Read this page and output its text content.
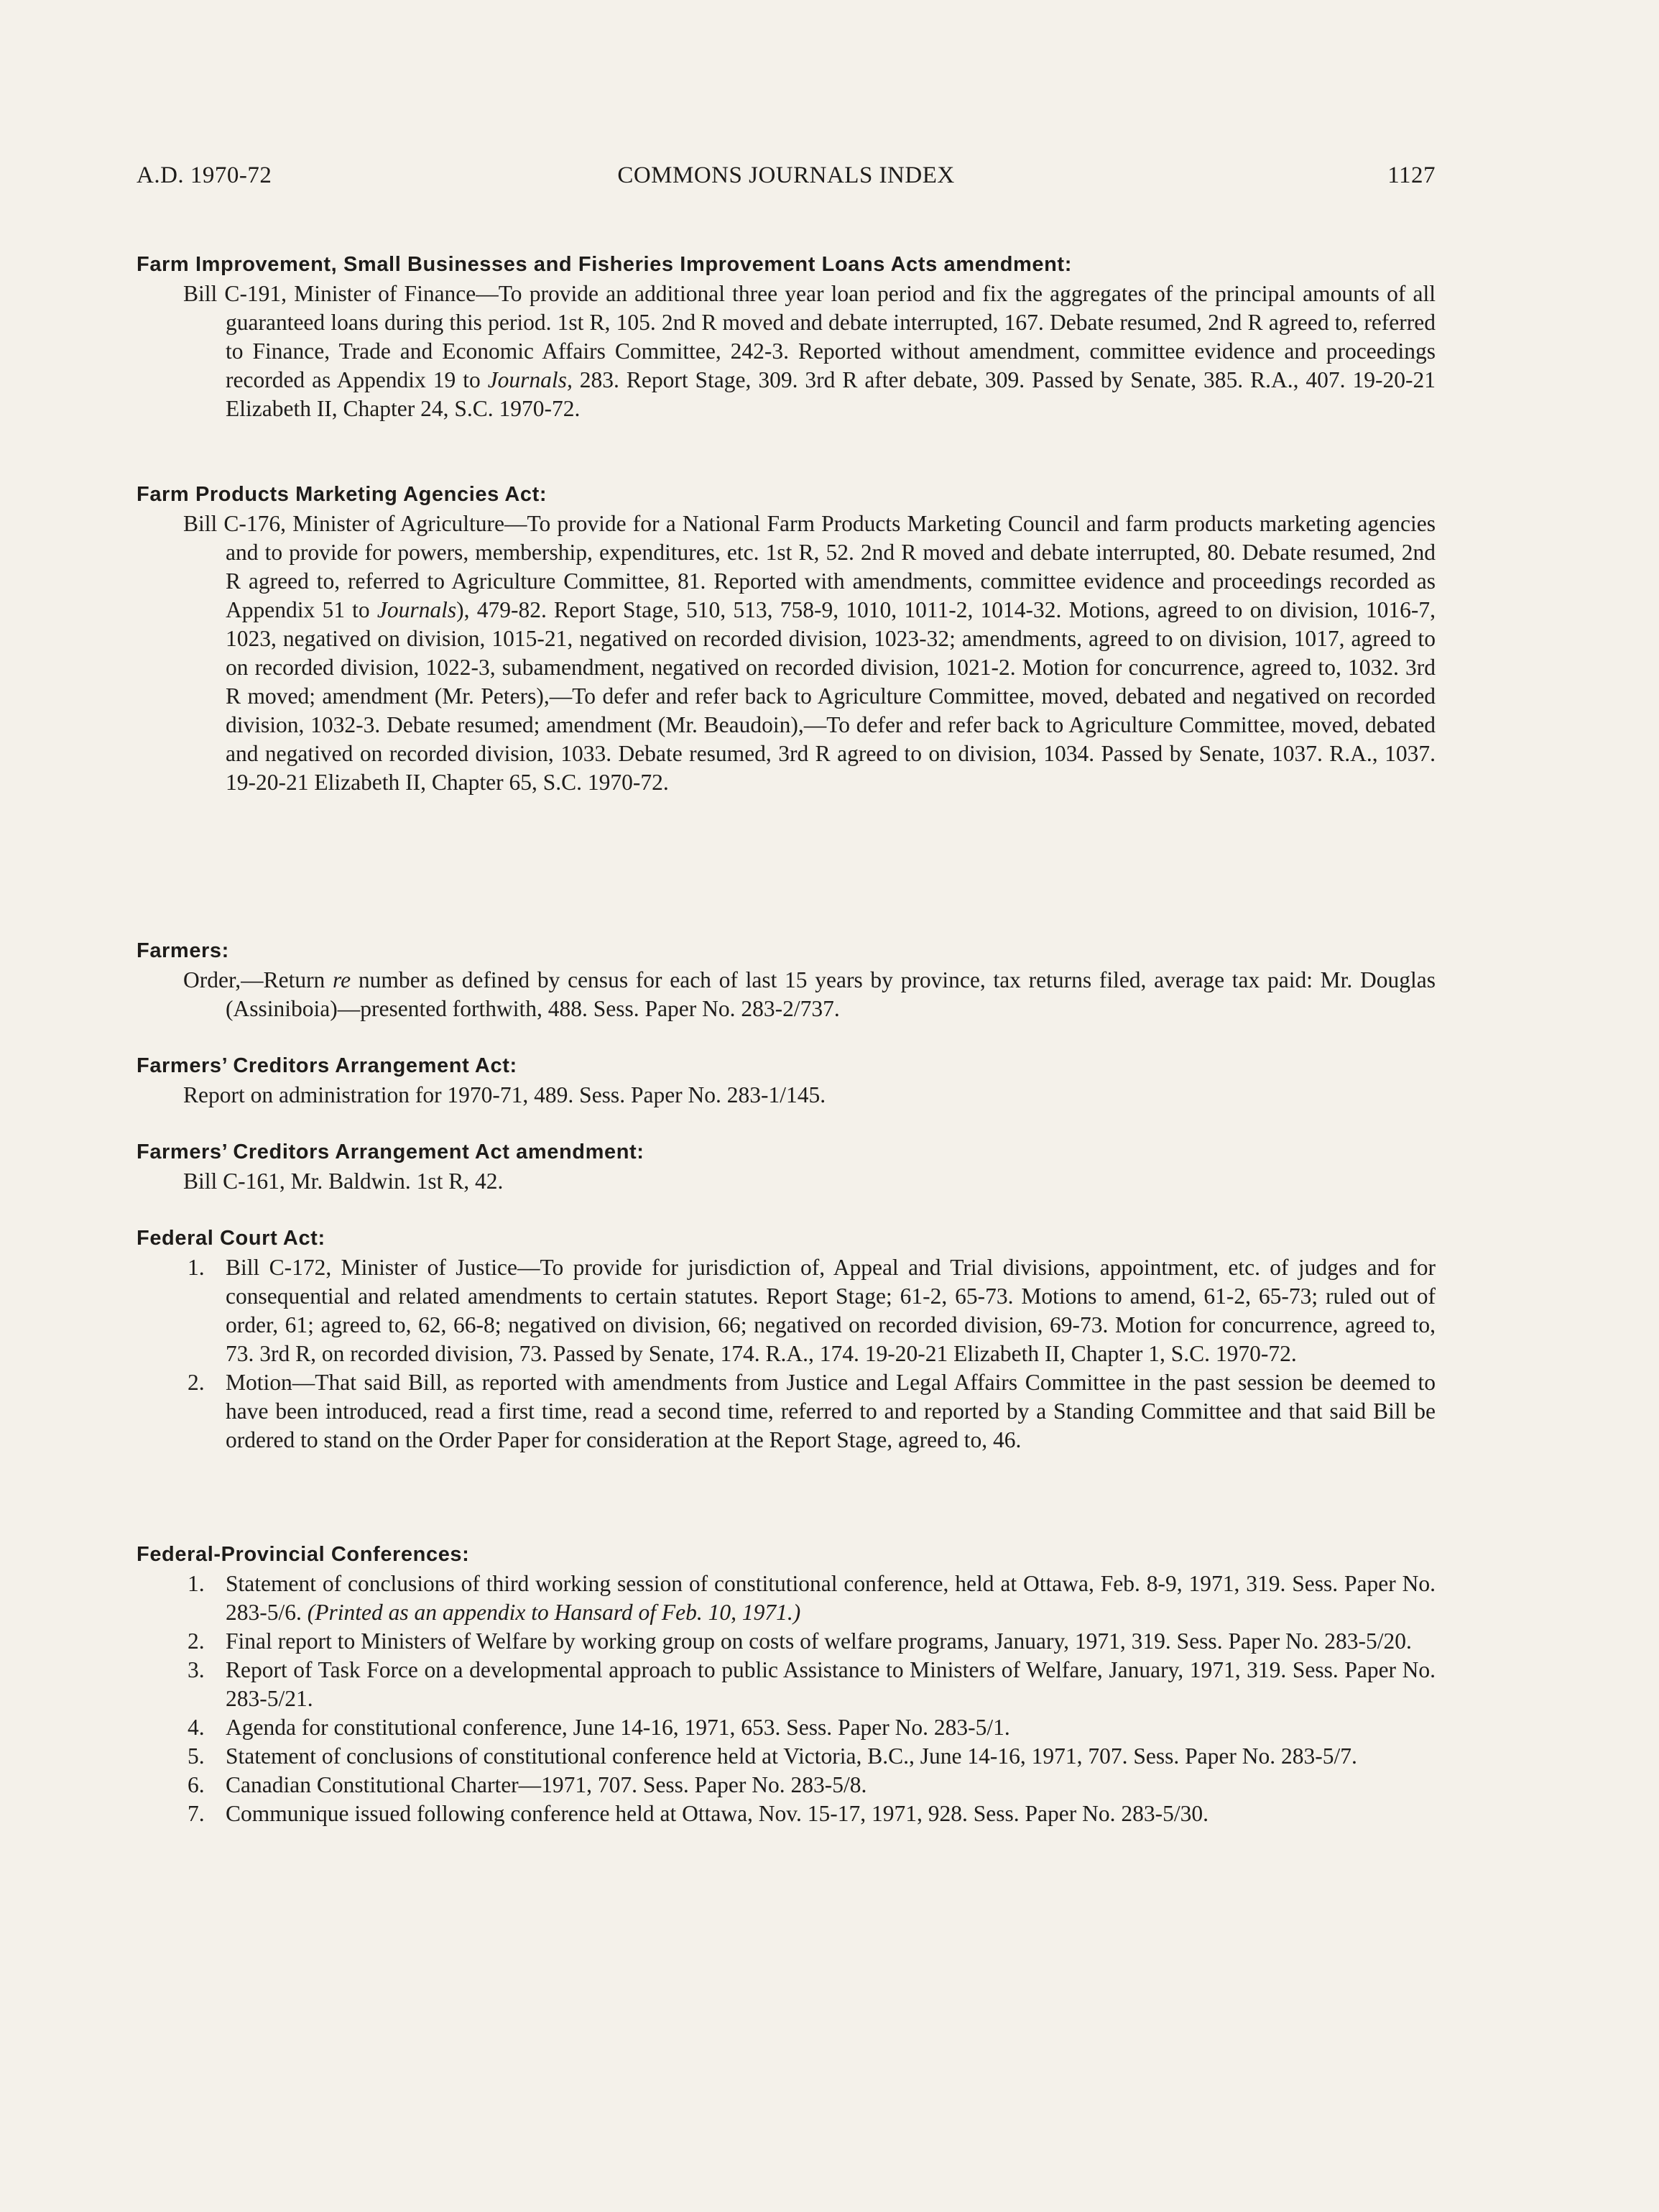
COMMONS JOURNALS INDEX
A.D. 1970-72	1127
Farm Improvement, Small Businesses and Fisheries Improvement Loans Acts amendment:
Bill C-191, Minister of Finance—To provide an additional three year loan period and fix the aggregates of the principal amounts of all guaranteed loans during this period. 1st R, 105. 2nd R moved and debate interrupted, 167. Debate resumed, 2nd R agreed to, referred to Finance, Trade and Economic Affairs Committee, 242-3. Reported without amendment, committee evidence and proceedings recorded as Appendix 19 to Journals, 283. Report Stage, 309. 3rd R after debate, 309. Passed by Senate, 385. R.A., 407. 19-20-21 Elizabeth II, Chapter 24, S.C. 1970-72.
Farm Products Marketing Agencies Act:
Bill C-176, Minister of Agriculture—To provide for a National Farm Products Marketing Council and farm products marketing agencies and to provide for powers, membership, expenditures, etc. 1st R, 52. 2nd R moved and debate interrupted, 80. Debate resumed, 2nd R agreed to, referred to Agriculture Committee, 81. Reported with amendments, committee evidence and proceedings recorded as Appendix 51 to Journals), 479-82. Report Stage, 510, 513, 758-9, 1010, 1011-2, 1014-32. Motions, agreed to on division, 1016-7, 1023, negatived on division, 1015-21, negatived on recorded division, 1023-32; amendments, agreed to on division, 1017, agreed to on recorded division, 1022-3, subamendment, negatived on recorded division, 1021-2. Motion for concurrence, agreed to, 1032. 3rd R moved; amendment (Mr. Peters),—To defer and refer back to Agriculture Committee, moved, debated and negatived on recorded division, 1032-3. Debate resumed; amendment (Mr. Beaudoin),—To defer and refer back to Agriculture Committee, moved, debated and negatived on recorded division, 1033. Debate resumed, 3rd R agreed to on division, 1034. Passed by Senate, 1037. R.A., 1037. 19-20-21 Elizabeth II, Chapter 65, S.C. 1970-72.
Farmers:
Order,—Return re number as defined by census for each of last 15 years by province, tax returns filed, average tax paid: Mr. Douglas (Assiniboia)—presented forthwith, 488. Sess. Paper No. 283-2/737.
Farmers’ Creditors Arrangement Act:
Report on administration for 1970-71, 489. Sess. Paper No. 283-1/145.
Farmers’ Creditors Arrangement Act amendment:
Bill C-161, Mr. Baldwin. 1st R, 42.
Federal Court Act:
1. Bill C-172, Minister of Justice—To provide for jurisdiction of, Appeal and Trial divisions, appointment, etc. of judges and for consequential and related amendments to certain statutes. Report Stage; 61-2, 65-73. Motions to amend, 61-2, 65-73; ruled out of order, 61; agreed to, 62, 66-8; negatived on division, 66; negatived on recorded division, 69-73. Motion for concurrence, agreed to, 73. 3rd R, on recorded division, 73. Passed by Senate, 174. R.A., 174. 19-20-21 Elizabeth II, Chapter 1, S.C. 1970-72.
2. Motion—That said Bill, as reported with amendments from Justice and Legal Affairs Committee in the past session be deemed to have been introduced, read a first time, read a second time, referred to and reported by a Standing Committee and that said Bill be ordered to stand on the Order Paper for consideration at the Report Stage, agreed to, 46.
Federal-Provincial Conferences:
1. Statement of conclusions of third working session of constitutional conference, held at Ottawa, Feb. 8-9, 1971, 319. Sess. Paper No. 283-5/6. (Printed as an appendix to Hansard of Feb. 10, 1971.)
2. Final report to Ministers of Welfare by working group on costs of welfare programs, January, 1971, 319. Sess. Paper No. 283-5/20.
3. Report of Task Force on a developmental approach to public Assistance to Ministers of Welfare, January, 1971, 319. Sess. Paper No. 283-5/21.
4. Agenda for constitutional conference, June 14-16, 1971, 653. Sess. Paper No. 283-5/1.
5. Statement of conclusions of constitutional conference held at Victoria, B.C., June 14-16, 1971, 707. Sess. Paper No. 283-5/7.
6. Canadian Constitutional Charter—1971, 707. Sess. Paper No. 283-5/8.
7. Communique issued following conference held at Ottawa, Nov. 15-17, 1971, 928. Sess. Paper No. 283-5/30.
